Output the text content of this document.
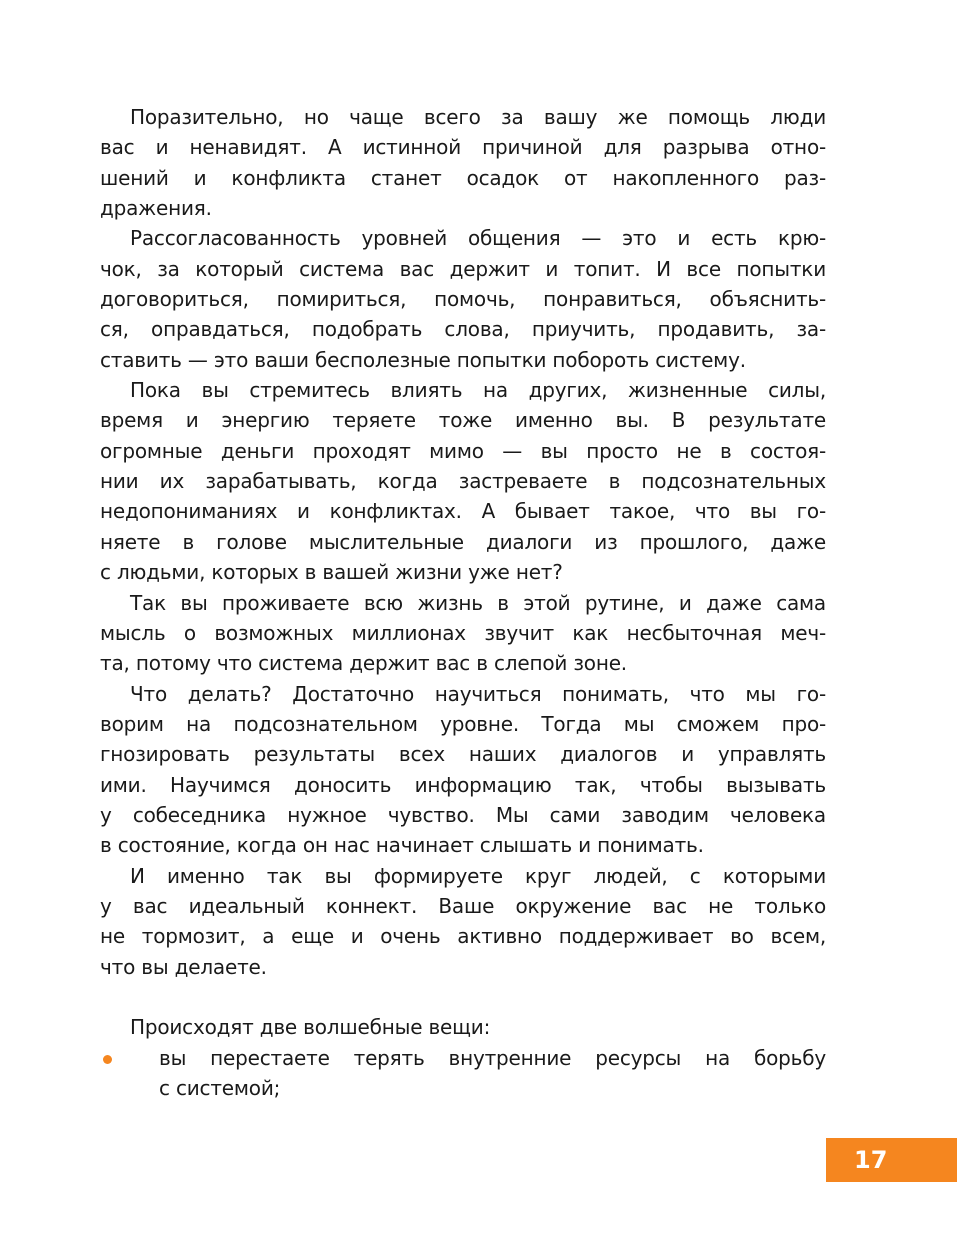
Поразительно, но чаще всего за вашу же помощь люди
вас и ненавидят. А истинной причиной для разрыва отно-
шений и конфликта станет осадок от накопленного раз-
дражения.
Рассогласованность уровней общения — это и есть крю-
чок, за который система вас держит и топит. И все попытки
договориться, помириться, помочь, понравиться, объяснить-
ся, оправдаться, подобрать слова, приучить, продавить, за-
ставить — это ваши бесполезные попытки побороть систему.
Пока вы стремитесь влиять на других, жизненные силы,
время и энергию теряете тоже именно вы. В результате
огромные деньги проходят мимо — вы просто не в состоя-
нии их зарабатывать, когда застреваете в подсознательных
недопониманиях и конфликтах. А бывает такое, что вы го-
няете в голове мыслительные диалоги из прошлого, даже
с людьми, которых в вашей жизни уже нет?
Так вы проживаете всю жизнь в этой рутине, и даже сама
мысль о возможных миллионах звучит как несбыточная меч-
та, потому что система держит вас в слепой зоне.
Что делать? Достаточно научиться понимать, что мы го-
ворим на подсознательном уровне. Тогда мы сможем про-
гнозировать результаты всех наших диалогов и управлять
ими. Научимся доносить информацию так, чтобы вызывать
у собеседника нужное чувство. Мы сами заводим человека
в состояние, когда он нас начинает слышать и понимать.
И именно так вы формируете круг людей, с которыми
у вас идеальный коннект. Ваше окружение вас не только
не тормозит, а еще и очень активно поддерживает во всем,
что вы делаете.
Происходят две волшебные вещи:
вы перестаете терять внутренние ресурсы на борьбу
с системой;
17
